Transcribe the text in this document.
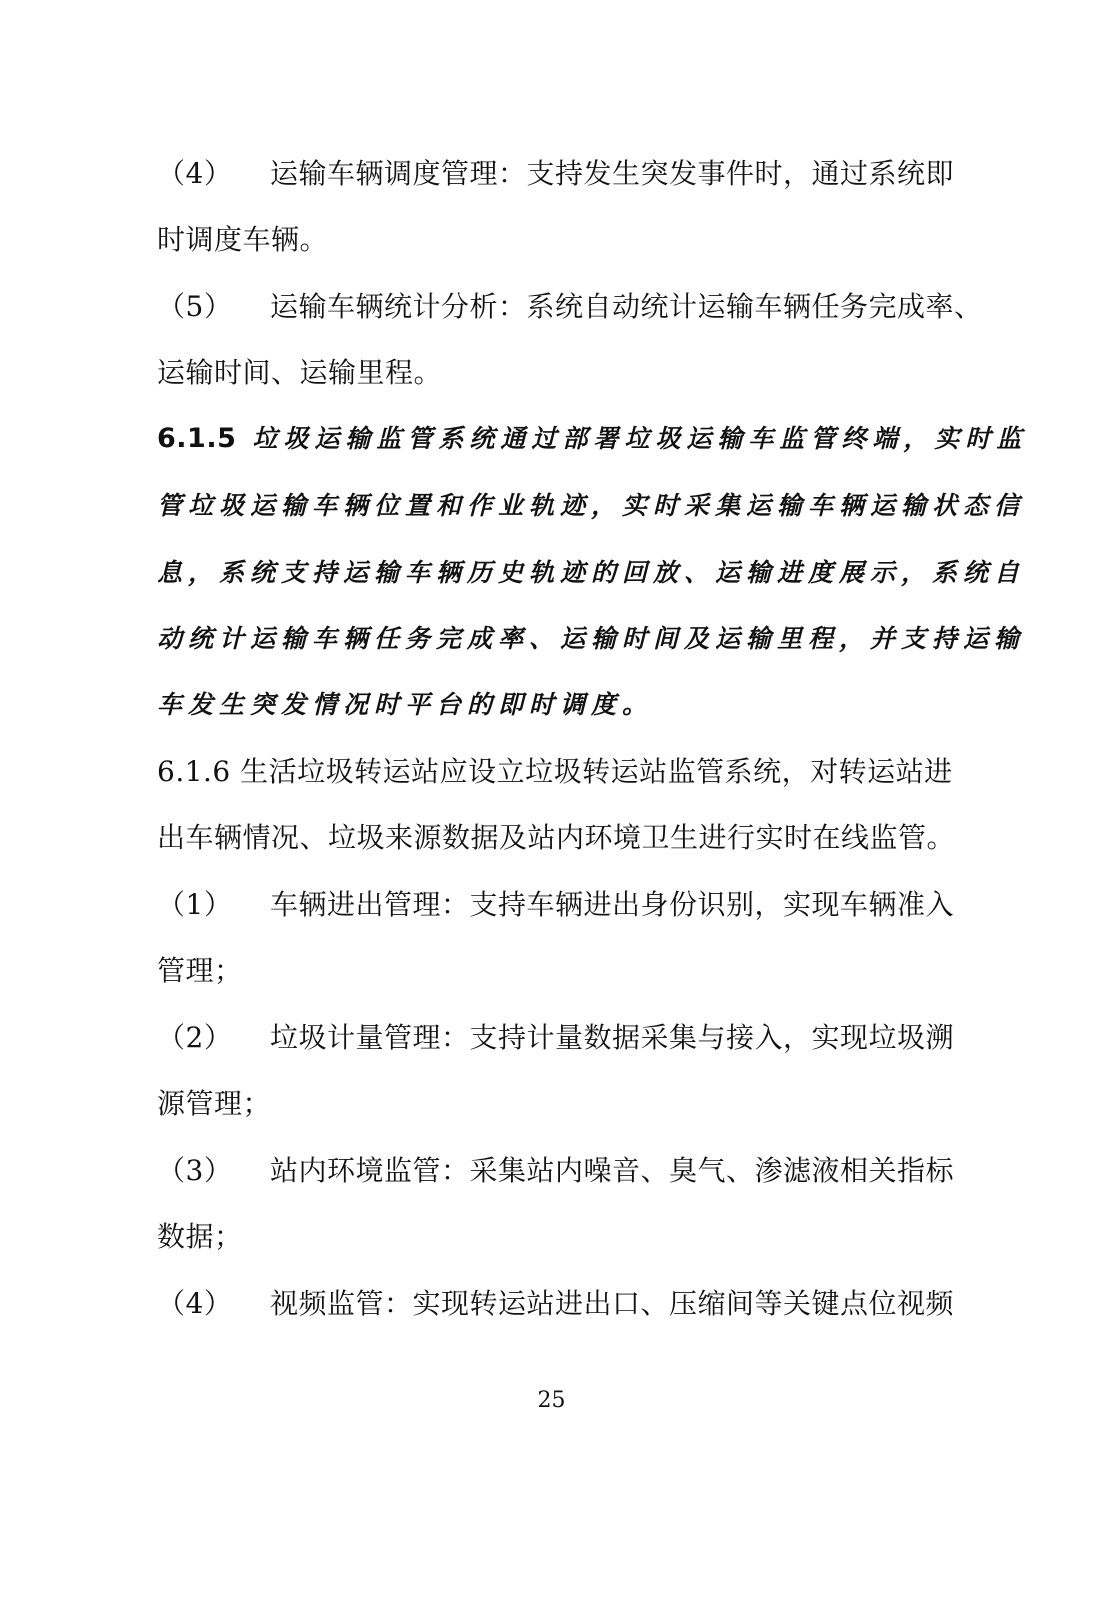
（4） 运输车辆调度管理：支持发生突发事件时，通过系统即
时调度车辆。
（5） 运输车辆统计分析：系统自动统计运输车辆任务完成率、
运输时间、运输里程。
6.1.5 垃圾运输监管系统通过部署垃圾运输车监管终端，实时监
管垃圾运输车辆位置和作业轨迹，实时采集运输车辆运输状态信
息，系统支持运输车辆历史轨迹的回放、运输进度展示，系统自
动统计运输车辆任务完成率、运输时间及运输里程，并支持运输
车发生突发情况时平台的即时调度。
6.1.6 生活垃圾转运站应设立垃圾转运站监管系统，对转运站进
出车辆情况、垃圾来源数据及站内环境卫生进行实时在线监管。
（1） 车辆进出管理：支持车辆进出身份识别，实现车辆准入
管理；
（2） 垃圾计量管理：支持计量数据采集与接入，实现垃圾溯
源管理；
（3） 站内环境监管：采集站内噪音、臭气、渗滤液相关指标
数据；
（4） 视频监管：实现转运站进出口、压缩间等关键点位视频
25
